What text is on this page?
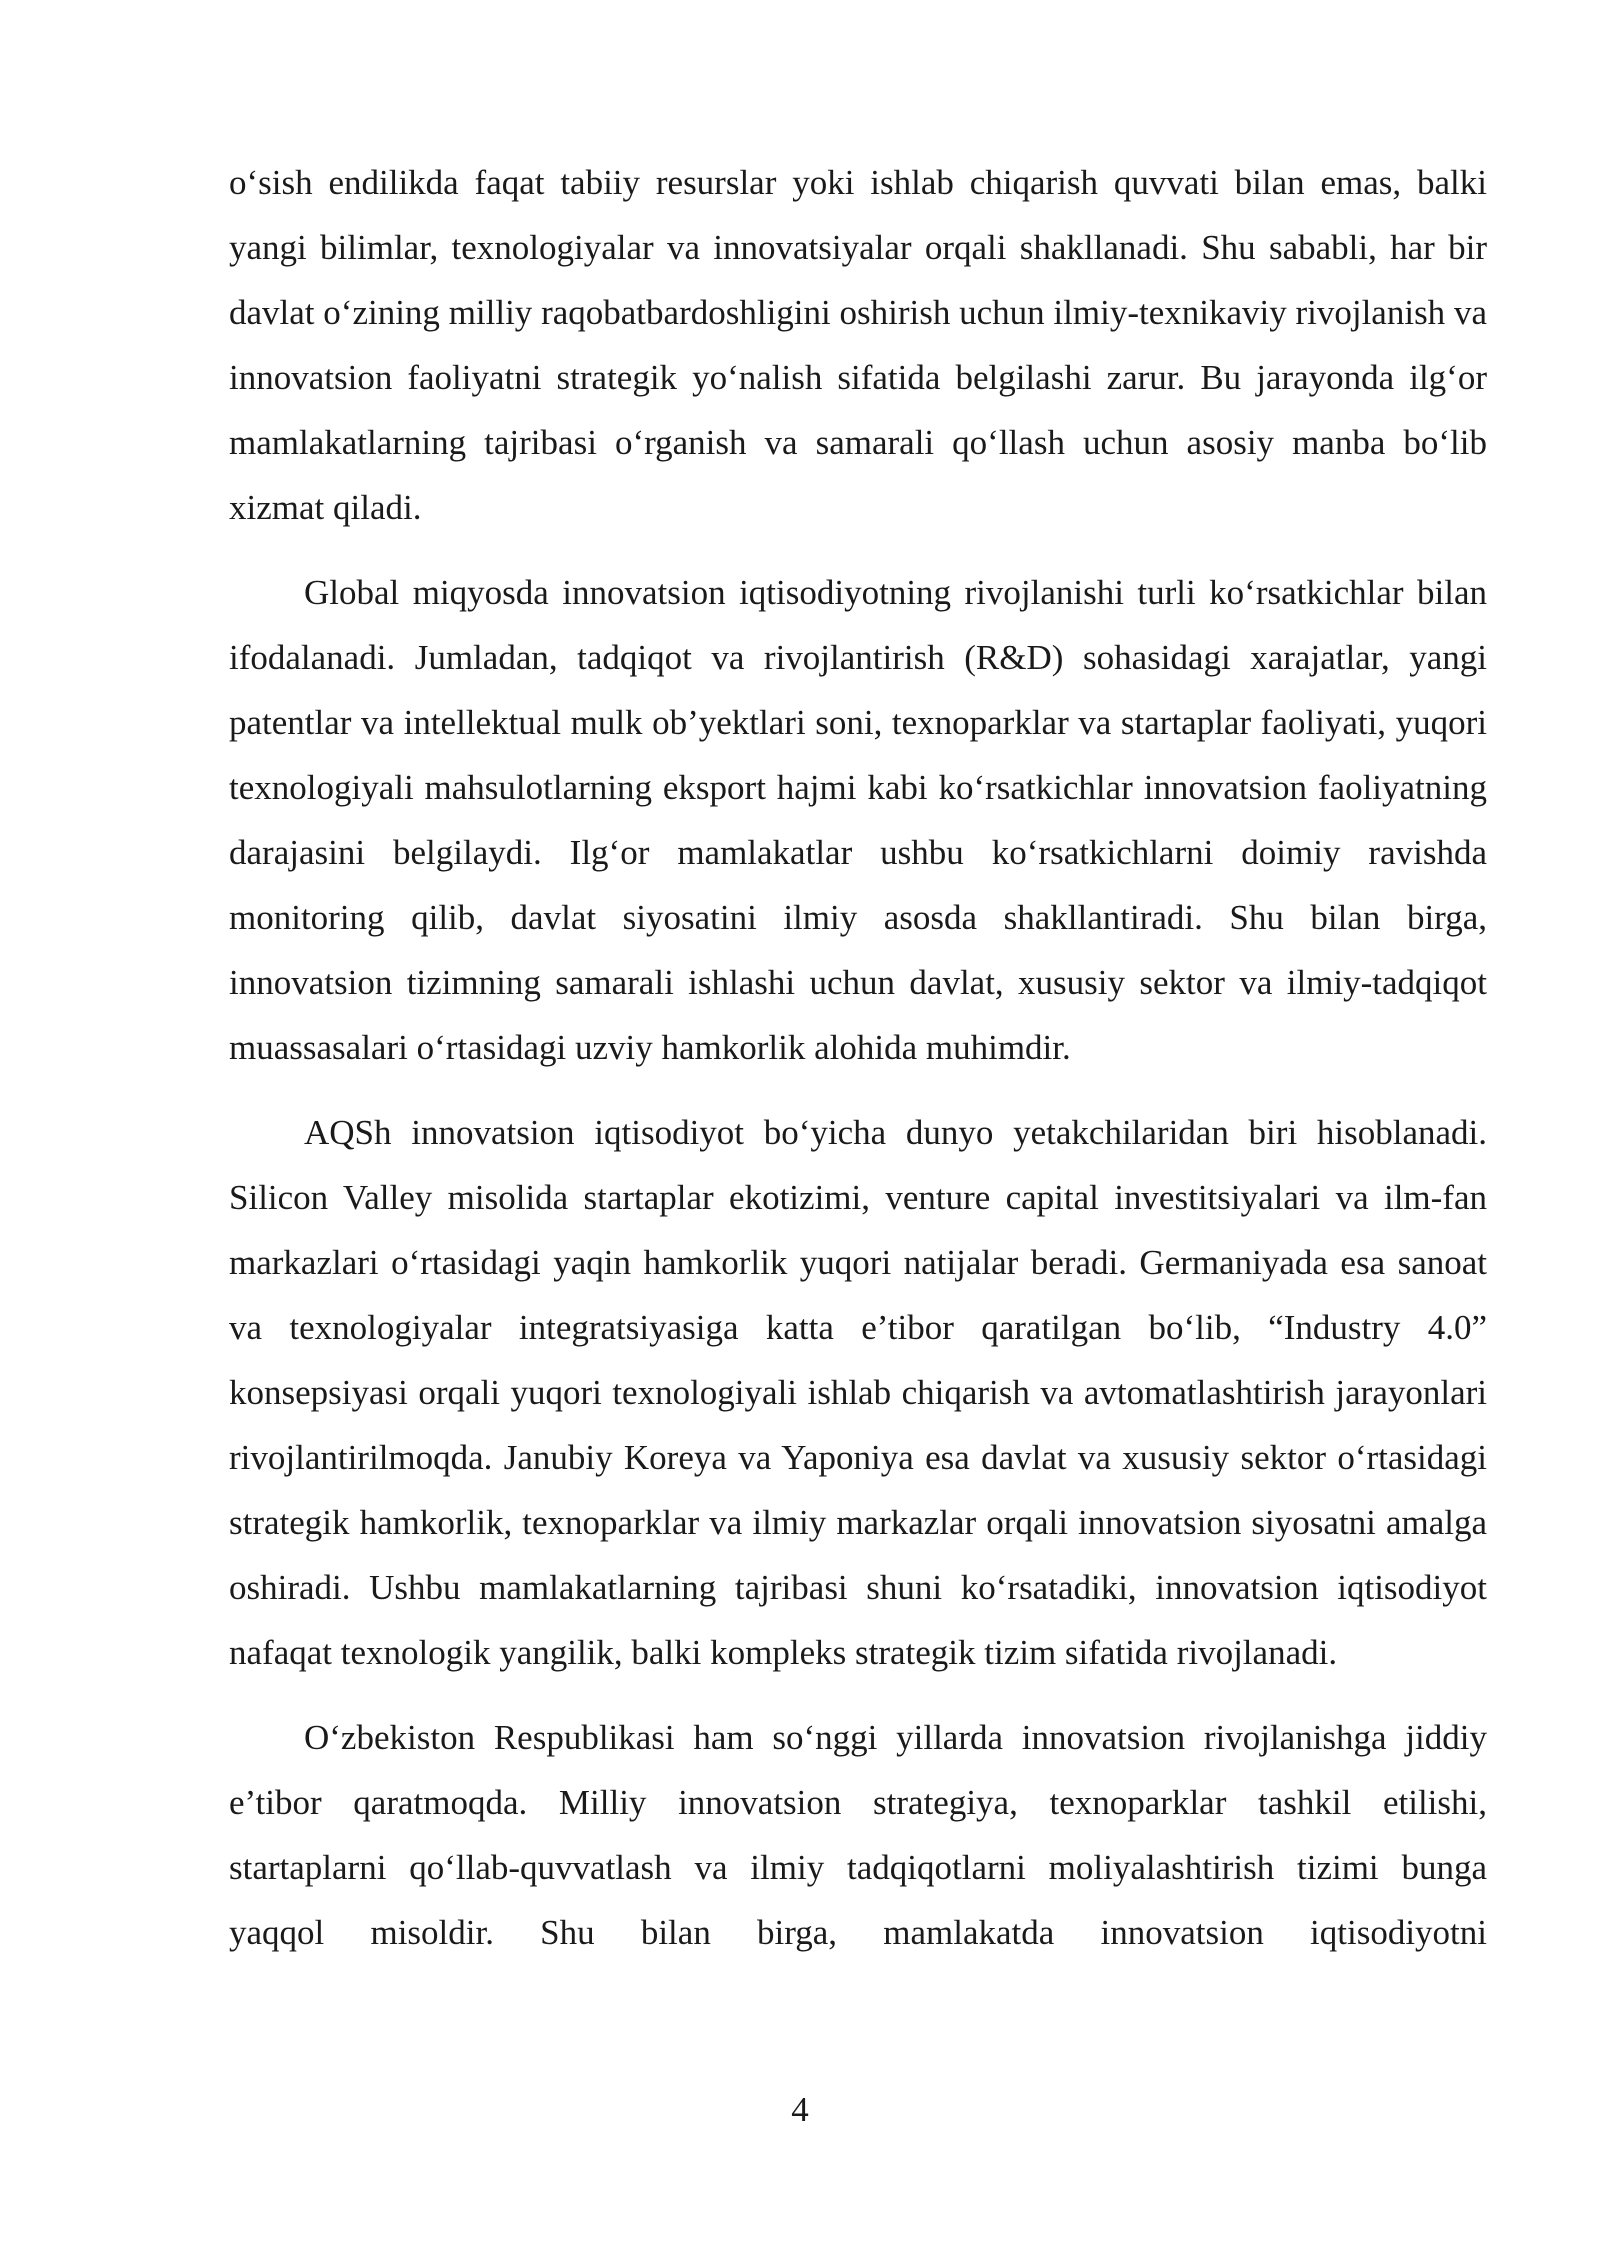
o‘sish endilikda faqat tabiiy resurslar yoki ishlab chiqarish quvvati bilan emas, balki yangi bilimlar, texnologiyalar va innovatsiyalar orqali shakllanadi. Shu sababli, har bir davlat o‘zining milliy raqobatbardoshligini oshirish uchun ilmiy-texnikaviy rivojlanish va innovatsion faoliyatni strategik yo‘nalish sifatida belgilashi zarur. Bu jarayonda ilg‘or mamlakatlarning tajribasi o‘rganish va samarali qo‘llash uchun asosiy manba bo‘lib xizmat qiladi.

Global miqyosda innovatsion iqtisodiyotning rivojlanishi turli ko‘rsatkichlar bilan ifodalanadi. Jumladan, tadqiqot va rivojlantirish (R&D) sohasidagi xarajatlar, yangi patentlar va intellektual mulk ob’yektlari soni, texnoparklar va startaplar faoliyati, yuqori texnologiyali mahsulotlarning eksport hajmi kabi ko‘rsatkichlar innovatsion faoliyatning darajasini belgilaydi. Ilg‘or mamlakatlar ushbu ko‘rsatkichlarni doimiy ravishda monitoring qilib, davlat siyosatini ilmiy asosda shakllantiradi. Shu bilan birga, innovatsion tizimning samarali ishlashi uchun davlat, xususiy sektor va ilmiy-tadqiqot muassasalari o‘rtasidagi uzviy hamkorlik alohida muhimdir.

AQSh innovatsion iqtisodiyot bo‘yicha dunyo yetakchilaridan biri hisoblanadi. Silicon Valley misolida startaplar ekotizimi, venture capital investitsiyalari va ilm-fan markazlari o‘rtasidagi yaqin hamkorlik yuqori natijalar beradi. Germaniyada esa sanoat va texnologiyalar integratsiyasiga katta e’tibor qaratilgan bo‘lib, “Industry 4.0” konsepsiyasi orqali yuqori texnologiyali ishlab chiqarish va avtomatlashtirish jarayonlari rivojlantirilmoqda. Janubiy Koreya va Yaponiya esa davlat va xususiy sektor o‘rtasidagi strategik hamkorlik, texnoparklar va ilmiy markazlar orqali innovatsion siyosatni amalga oshiradi. Ushbu mamlakatlarning tajribasi shuni ko‘rsatadiki, innovatsion iqtisodiyot nafaqat texnologik yangilik, balki kompleks strategik tizim sifatida rivojlanadi.

O‘zbekiston Respublikasi ham so‘nggi yillarda innovatsion rivojlanishga jiddiy e’tibor qaratmoqda. Milliy innovatsion strategiya, texnoparklar tashkil etilishi, startaplarni qo‘llab-quvvatlash va ilmiy tadqiqotlarni moliyalashtirish tizimi bunga yaqqol misoldir. Shu bilan birga, mamlakatda innovatsion iqtisodiyotni

4
